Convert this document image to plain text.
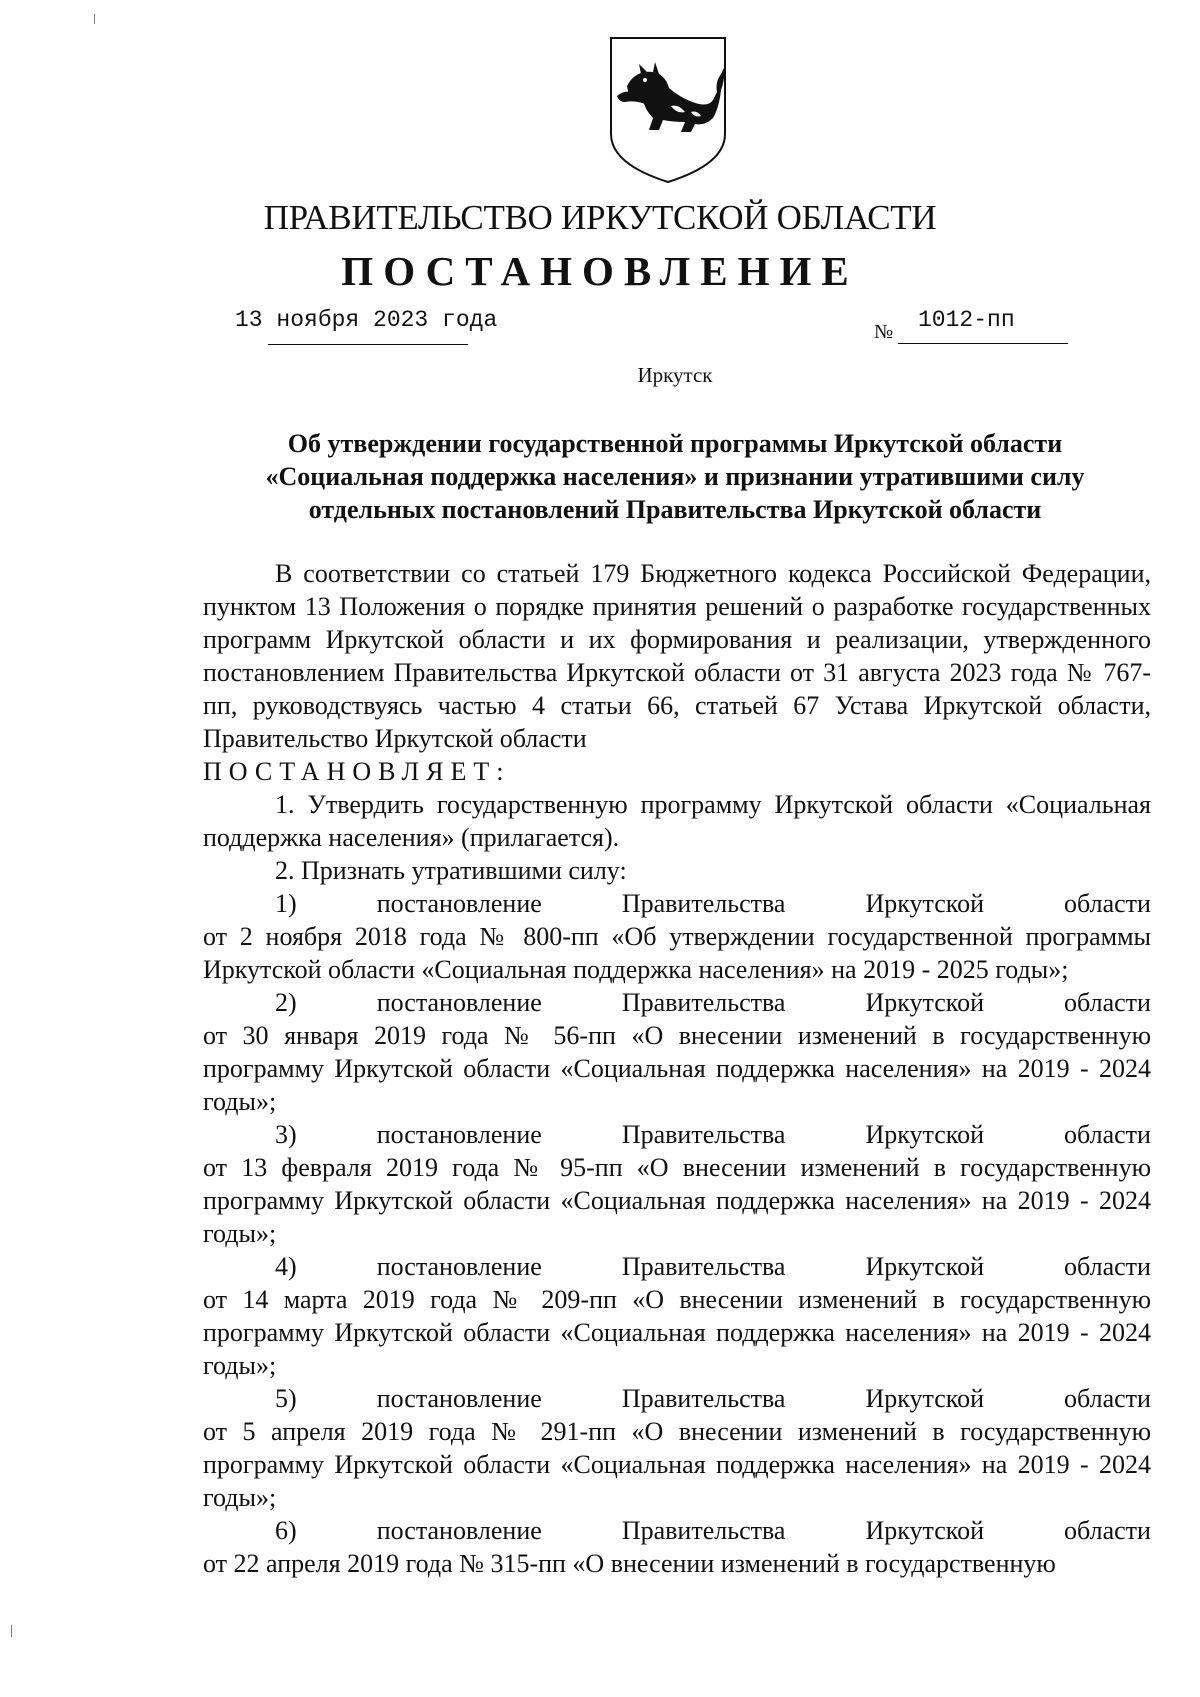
ПРАВИТЕЛЬСТВО ИРКУТСКОЙ ОБЛАСТИ
ПОСТАНОВЛЕНИЕ
13 ноября 2023 года	№ 1012-пп
Иркутск
Об утверждении государственной программы Иркутской области
«Социальная поддержка населения» и признании утратившими силу
отдельных постановлений Правительства Иркутской области

В соответствии со статьей 179 Бюджетного кодекса Российской Федерации, пунктом 13 Положения о порядке принятия решений о разработке государственных программ Иркутской области и их формирования и реализации, утвержденного постановлением Правительства Иркутской области от 31 августа 2023 года № 767-пп, руководствуясь частью 4 статьи 66, статьей 67 Устава Иркутской области, Правительство Иркутской области

ПОСТАНОВЛЯЕТ:

1. Утвердить государственную программу Иркутской области «Социальная поддержка населения» (прилагается).

2. Признать утратившими силу:

1)	постановление	Правительства	Иркутской	области

от 2 ноября 2018 года № 800-пп «Об утверждении государственной программы Иркутской области «Социальная поддержка населения» на 2019 - 2025 годы»;

2)	постановление	Правительства	Иркутской	области

от 30 января 2019 года № 56-пп «О внесении изменений в государственную программу Иркутской области «Социальная поддержка населения» на 2019 - 2024 годы»;

3)	постановление	Правительства	Иркутской	области

от 13 февраля 2019 года № 95-пп «О внесении изменений в государственную программу Иркутской области «Социальная поддержка населения» на 2019 - 2024 годы»;

4)	постановление	Правительства	Иркутской	области

от 14 марта 2019 года № 209-пп «О внесении изменений в государственную программу Иркутской области «Социальная поддержка населения» на 2019 - 2024 годы»;

5)	постановление	Правительства	Иркутской	области

от 5 апреля 2019 года № 291-пп «О внесении изменений в государственную программу Иркутской области «Социальная поддержка населения» на 2019 - 2024 годы»;

6)	постановление	Правительства	Иркутской	области

от 22 апреля 2019 года № 315-пп «О внесении изменений в государственную
